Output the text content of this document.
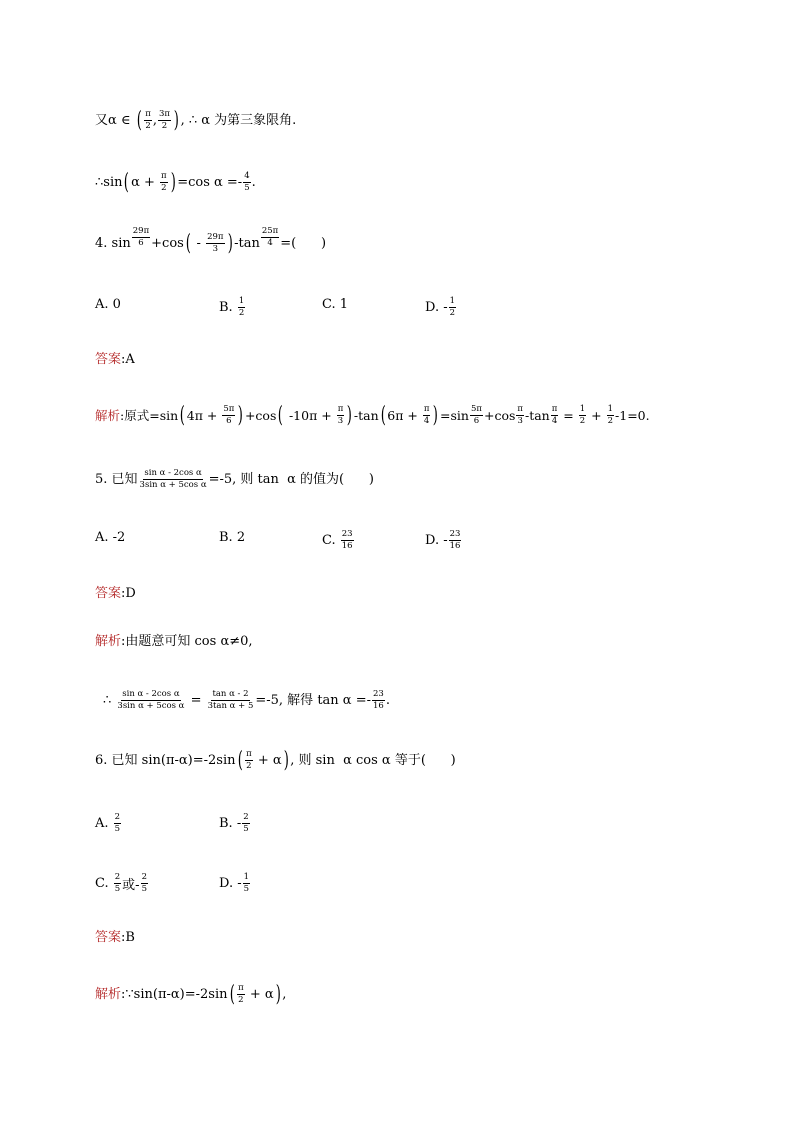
又α ∈ ( $\frac{\pi}{2}$ , $\frac{3\pi}{2}$ ) , ∴ α 为第三象限角.
∴sin ( $\alpha + \frac{\pi}{2}$ ) =cos $\alpha =- \frac{4}{5}$ .
4. $\sin \frac{29\pi}{6} +\cos$ ( - $\frac{29\pi}{3}$ ) $-\tan \frac{25\pi}{4}$ =(      )
A. 0	B. $\frac{1}{2}$	C. 1	D. - $\frac{1}{2}$
答案 :A
解析 :原式=sin ( $4\pi + \frac{5\pi}{6}$ ) +cos ( $-10\pi + \frac{\pi}{3}$ ) -tan ( $6\pi + \frac{\pi}{4}$ ) $=\sin \frac{5\pi}{6} +\cos \frac{\pi}{3} -\tan \frac{\pi}{4} = \frac{1}{2} + \frac{1}{2} -1=0$.
5. 已知 $\frac{\text{sin α - 2cos α}}{\text{3sin α + 5cos α}} =-5$, 则 tan  α 的值为(      )
A. -2	B. 2	C. $\frac{23}{16}$	D. - $\frac{23}{16}$
答案 :D
解析 :由题意可知 cos α≠0,
∴ $\frac{\text{sin α - 2cos α}}{\text{3sin α + 5cos α}} = \frac{\text{tan α - 2}}{\text{3tan α + 5}} =-5$, 解得 $\tan \alpha =- \frac{23}{16}$ .
6. 已知 sin(π-α)=-2sin ( $\frac{\pi}{2} + \alpha$ ) , 则 sin  α cos α 等于(      )
A. $\frac{2}{5}$	B. - $\frac{2}{5}$
C. $\frac{2}{5}$ 或- $\frac{2}{5}$	D. - $\frac{1}{5}$
答案 :B
解析 :∵sin(π-α)=-2sin ( $\frac{\pi}{2} + \alpha$ ) ,
